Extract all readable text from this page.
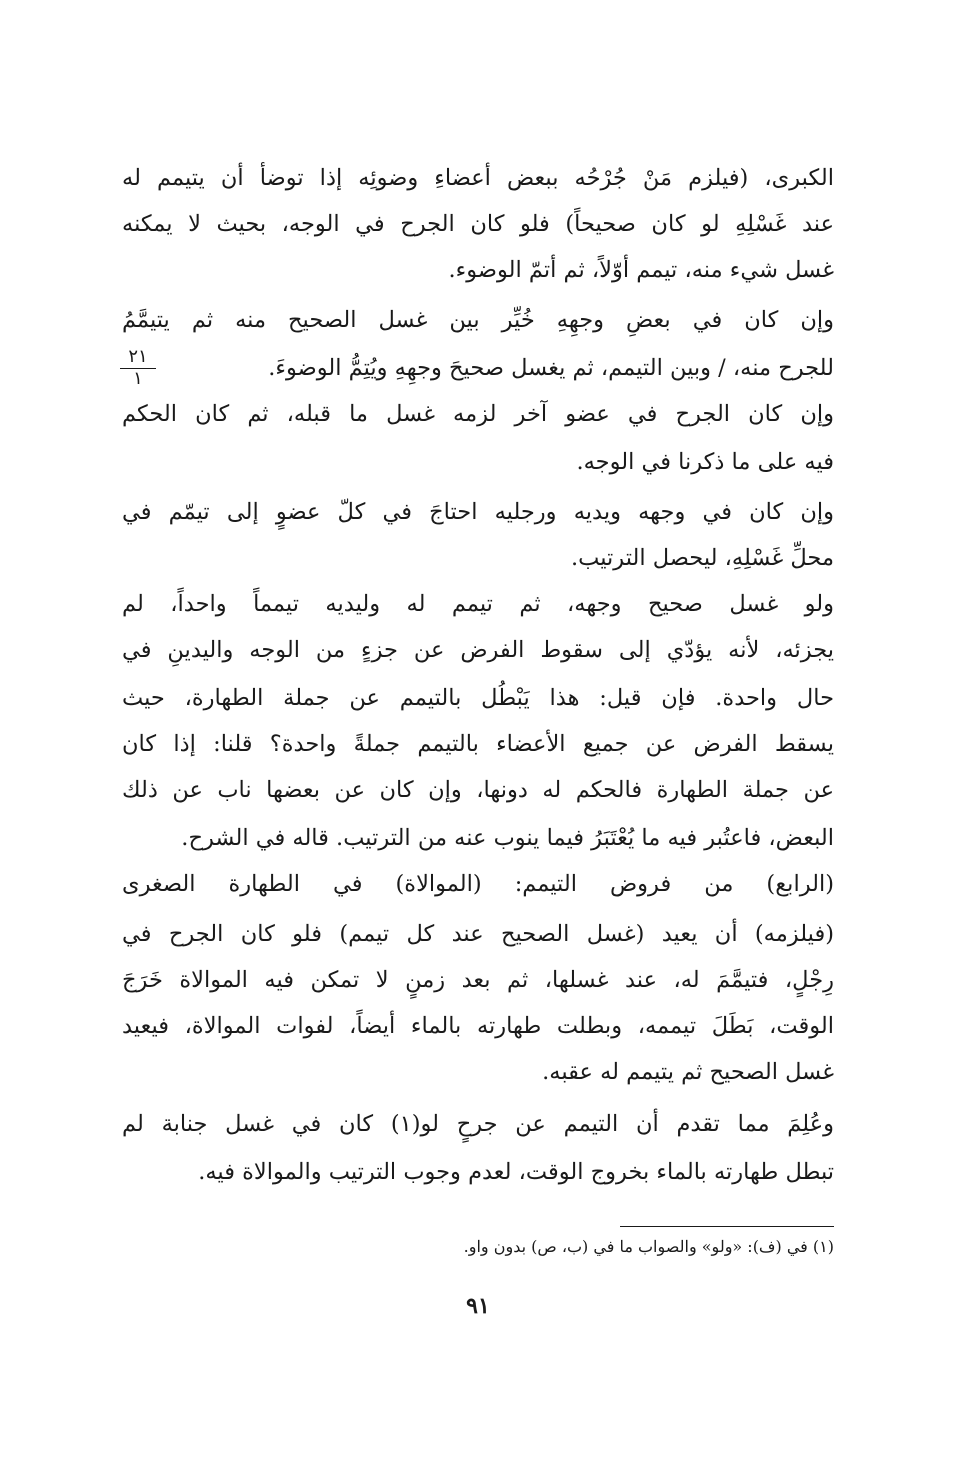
الكبرى، (فيلزم مَنْ جُرْحُه ببعض أعضاءِ وضوئِه إذا توضأ أن يتيمم له
عند غَسْلِهِ لو كان صحيحاً) فلو كان الجرح في الوجه، بحيث لا يمكنه
غسل شيء منه، تيمم أوّلاً، ثم أتمّ الوضوء.
وإن كان في بعضِ وجهِهِ خُيِّر بين غسل الصحيح منه ثم يتيمَّمُ
للجرح منه، / وبين التيمم، ثم يغسل صحيحَ وجهِهِ ويُتِمُّ الوضوءَ.
وإن كان الجرح في عضو آخر لزمه غسل ما قبله، ثم كان الحكم
فيه على ما ذكرنا في الوجه.
وإن كان في وجهه ويديه ورجليه احتاجَ في كلّ عضوٍ إلى تيمّم في
محلِّ غَسْلِهِ، ليحصل الترتيب.
ولو غسل صحيح وجهه، ثم تيمم له وليديه تيمماً واحداً، لم
يجزئه، لأنه يؤدّي إلى سقوط الفرض عن جزءٍ من الوجه واليدينِ في
حال واحدة. فإن قيل: هذا يَبْطُل بالتيمم عن جملة الطهارة، حيث
يسقط الفرض عن جميع الأعضاء بالتيمم جملةً واحدة؟ قلنا: إذا كان
عن جملة الطهارة فالحكم له دونها، وإن كان عن بعضها ناب عن ذلك
البعض، فاعتُبر فيه ما يُعْتَبَرُ فيما ينوب عنه من الترتيب. قاله في الشرح.
(الرابع) من فروض التيمم: (الموالاة) في الطهارة الصغرى
(فيلزمه) أن يعيد (غسل الصحيح عند كل تيمم) فلو كان الجرح في
رِجْلٍ، فتيمَّمَ له، عند غسلها، ثم بعد زمنٍ لا تمكن فيه الموالاة خَرَجَ
الوقت، بَطَلَ تيممه، وبطلت طهارته بالماء أيضاً، لفوات الموالاة، فيعيد
غسل الصحيح ثم يتيمم له عقبه.
وعُلِمَ مما تقدم أن التيمم عن جرحٍ لو(١) كان في غسل جنابة لم
تبطل طهارته بالماء بخروج الوقت، لعدم وجوب الترتيب والموالاة فيه.
٢١
١
(١) في (ف): «ولو» والصواب ما في (ب، ص) بدون واو.
٩١
